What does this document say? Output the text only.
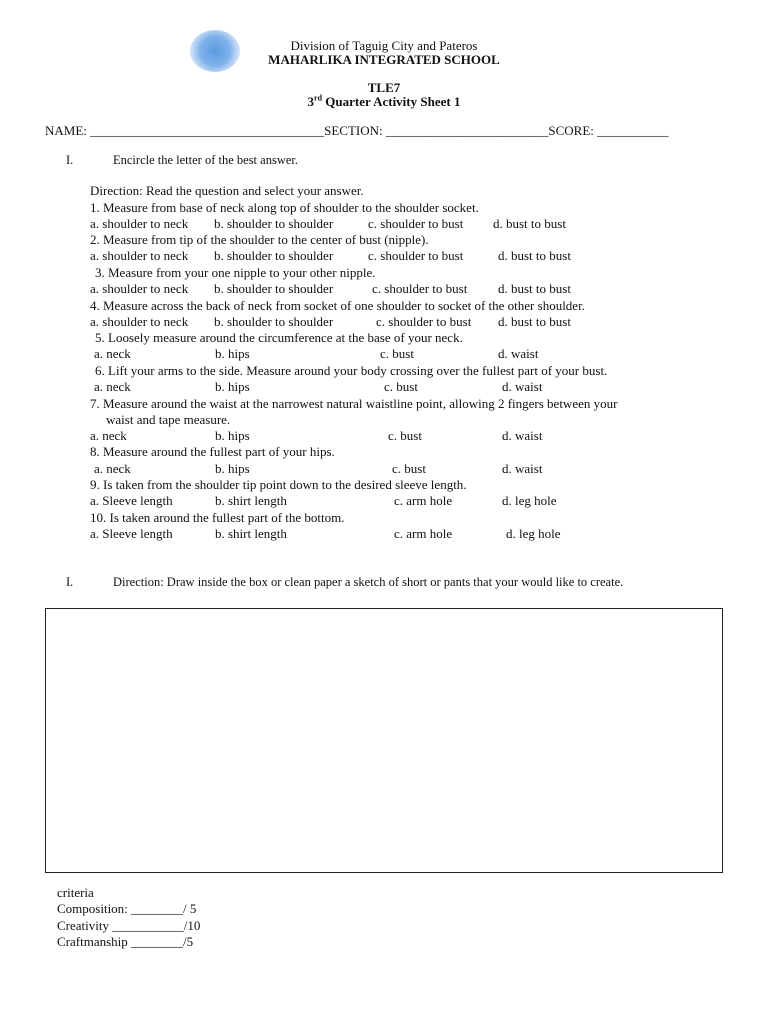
Division of Taguig City and Pateros
MAHARLIKA INTEGRATED SCHOOL
TLE7
3rd Quarter Activity Sheet 1
NAME: ____________________________________SECTION: _________________________SCORE: ___________
I.	Encircle the letter of the best answer.
Direction: Read the question and select your answer.
1. Measure from base of neck along top of shoulder to the shoulder socket.
a. shoulder to neck b. shoulder to shoulder	c. shoulder to bust d. bust to bust
2. Measure from tip of the shoulder to the center of bust (nipple).
a. shoulder to neck b. shoulder to shoulder	c. shoulder to bust	d. bust to bust
3. Measure from your one nipple to your other nipple.
a. shoulder to neck b. shoulder to shoulder	c. shoulder to bust d. bust to bust
4. Measure across the back of neck from socket of one shoulder to socket of the other shoulder.
a. shoulder to neck b. shoulder to shoulder	c. shoulder to bust d. bust to bust
5. Loosely measure around the circumference at the base of your neck.
a. neck	b. hips	c. bust	d. waist
6. Lift your arms to the side. Measure around your body crossing over the fullest part of your bust.
a. neck	b. hips	c. bust	d. waist
7. Measure around the waist at the narrowest natural waistline point, allowing 2 fingers between your
waist and tape measure.
a. neck	b. hips	c. bust	d. waist
8. Measure around the fullest part of your hips.
a. neck	b. hips	c. bust	d. waist
9. Is taken from the shoulder tip point down to the desired sleeve length.
a. Sleeve length	b. shirt length	c. arm hole	d. leg hole
10. Is taken around the fullest part of the bottom.
a. Sleeve length	b. shirt length	c. arm hole	d. leg hole
I.	Direction: Draw inside the box or clean paper a sketch of short or pants that your would like to create.
criteria
Composition: ________/ 5
Creativity ___________/10
Craftmanship ________/5
